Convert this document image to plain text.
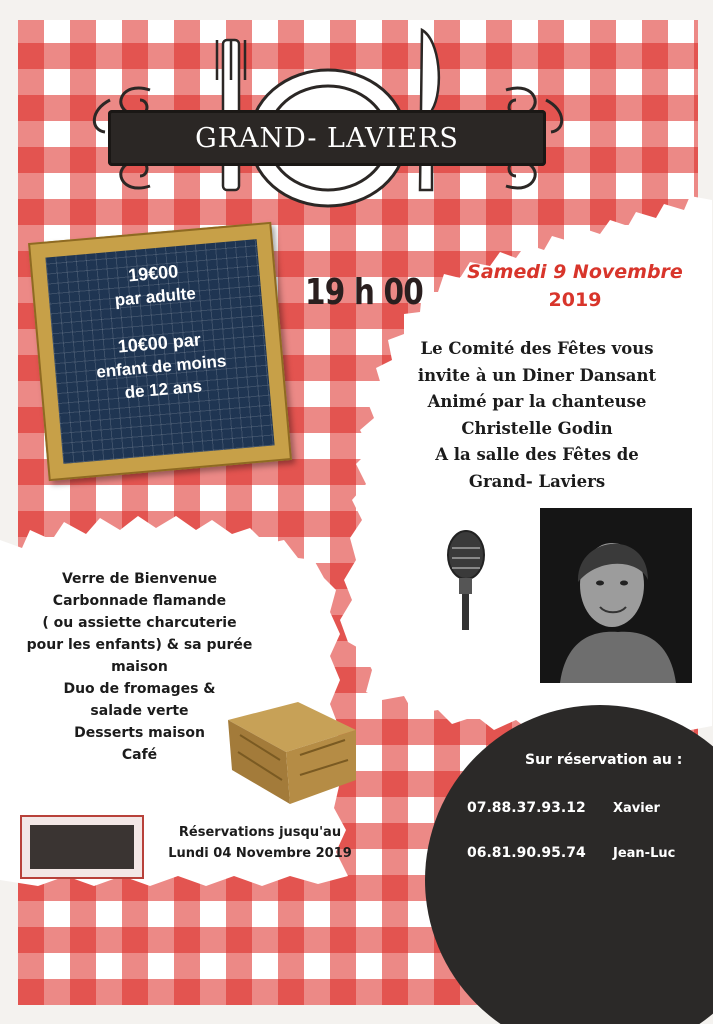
GRAND- LAVIERS
19€00
par adulte
10€00 par
enfant de moins
de 12 ans
19 h 00	Samedi 9 Novembre
2019
Le Comité des Fêtes vous
invite à un Diner Dansant
Animé par la chanteuse
Christelle Godin
A la salle des Fêtes de
Grand- Laviers
Verre de Bienvenue
Carbonnade flamande
( ou assiette charcuterie
pour les enfants) & sa purée
maison
Duo de fromages &
salade verte
Desserts maison
Café
Réservations jusqu'au
Lundi 04 Novembre 2019
Sur réservation au :
07.88.37.93.12 Xavier
06.81.90.95.74 Jean-Luc
